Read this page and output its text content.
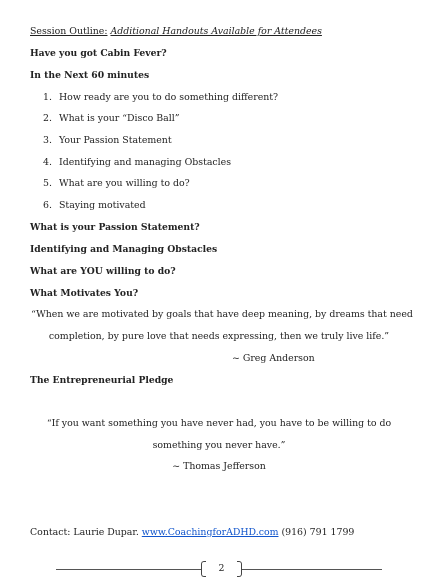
Session Outline: Additional Handouts Available for Attendees
Have you got Cabin Fever?
In the Next 60 minutes
1. How ready are you to do something different?
2. What is your “Disco Ball”
3. Your Passion Statement
4. Identifying and managing Obstacles
5. What are you willing to do?
6. Staying motivated
What is your Passion Statement?
Identifying and Managing Obstacles
What are YOU willing to do?
What Motivates You?
“When we are motivated by goals that have deep meaning, by dreams that need
completion, by pure love that needs expressing, then we truly live life.”
~ Greg Anderson
The Entrepreneurial Pledge
“If you want something you have never had, you have to be willing to do
something you never have.”
~ Thomas Jefferson
Contact: Laurie Dupar. www.CoachingforADHD.com (916) 791 1799
2
